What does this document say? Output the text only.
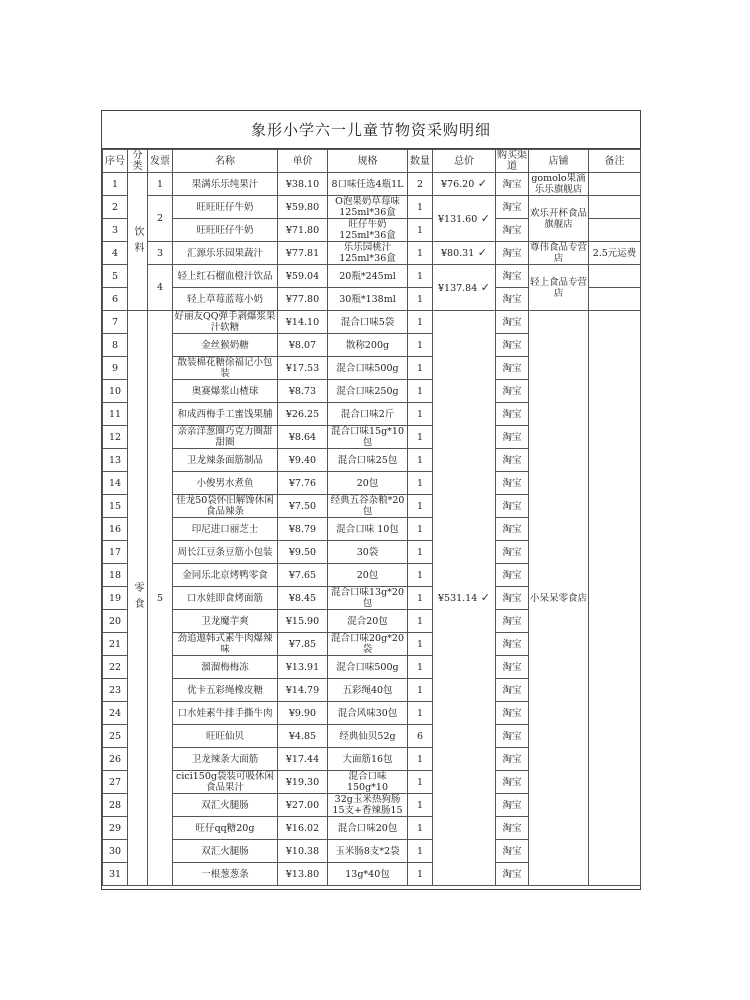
象形小学六一儿童节物资采购明细
序号	分类	发票	名称	单价	规格	数量	总价	购买渠道	店铺	备注
1	饮料	1	果满乐乐纯果汁	¥38.10	8口味任选4瓶1L	2	¥76.20 ✓	淘宝	gomolo果滴乐乐旗舰店	
2		2	旺旺旺仔牛奶	¥59.80	O泡果奶草莓味125ml*36盒	1	¥131.60 ✓	淘宝	欢乐开杯食品旗舰店	
3			旺旺旺仔牛奶	¥71.80	旺仔牛奶125ml*36盒	1		淘宝		
4		3	汇源乐乐园果蔬汁	¥77.81	乐乐园桃汁125ml*36盒	1	¥80.31 ✓	淘宝	尊伟食品专营店	2.5元运费
5		4	轻上红石榴血橙汁饮品	¥59.04	20瓶*245ml	1	¥137.84 ✓	淘宝	轻上食品专营店	
6			轻上草莓蓝莓小奶	¥77.80	30瓶*138ml	1		淘宝		
7	零食	5	好丽友QQ弹手剥爆浆果汁软糖	¥14.10	混合口味5袋	1	¥531.14 ✓	淘宝	小呆呆零食店	
8			金丝猴奶糖	¥8.07	散称200g	1		淘宝		
9			散装棉花糖徐福记小包装	¥17.53	混合口味500g	1		淘宝		
10			奥赛爆浆山楂球	¥8.73	混合口味250g	1		淘宝		
11			和成西梅手工蜜饯果脯	¥26.25	混合口味2斤	1		淘宝		
12			亲亲洋葱圈巧克力圈甜甜圈	¥8.64	混合口味15g*10包	1		淘宝		
13			卫龙辣条面筋制品	¥9.40	混合口味25包	1		淘宝		
14			小俊男水煮鱼	¥7.76	20包	1		淘宝		
15			佳龙50袋怀旧解馋休闲食品辣条	¥7.50	经典五谷杂粮*20包	1		淘宝		
16			印尼进口丽芝士	¥8.79	混合口味 10包	1		淘宝		
17			周长江豆条豆筋小包装	¥9.50	30袋	1		淘宝		
18			金同乐北京烤鸭零食	¥7.65	20包	1		淘宝		
19			口水娃即食烤面筋	¥8.45	混合口味13g*20包	1		淘宝		
20			卫龙魔芋爽	¥15.90	混合20包	1		淘宝		
21			劲追遨韩式素牛肉爆辣味	¥7.85	混合口味20g*20袋	1		淘宝		
22			溜溜梅梅冻	¥13.91	混合口味500g	1		淘宝		
23			优卡五彩绳橡皮糖	¥14.79	五彩绳40包	1		淘宝		
24			口水娃素牛排手撕牛肉	¥9.90	混合风味30包	1		淘宝		
25			旺旺仙贝	¥4.85	经典仙贝52g	6		淘宝		
26			卫龙辣条大面筋	¥17.44	大面筋16包	1		淘宝		
27			cici150g袋装可吸休闲食品果汁	¥19.30	混合口味150g*10	1		淘宝		
28			双汇火腿肠	¥27.00	32g玉米热狗肠15支+香辣肠15	1		淘宝		
29			旺仔qq糖20g	¥16.02	混合口味20包	1		淘宝		
30			双汇火腿肠	¥10.38	玉米肠8支*2袋	1		淘宝		
31			一根葱葱条	¥13.80	13g*40包	1		淘宝		
